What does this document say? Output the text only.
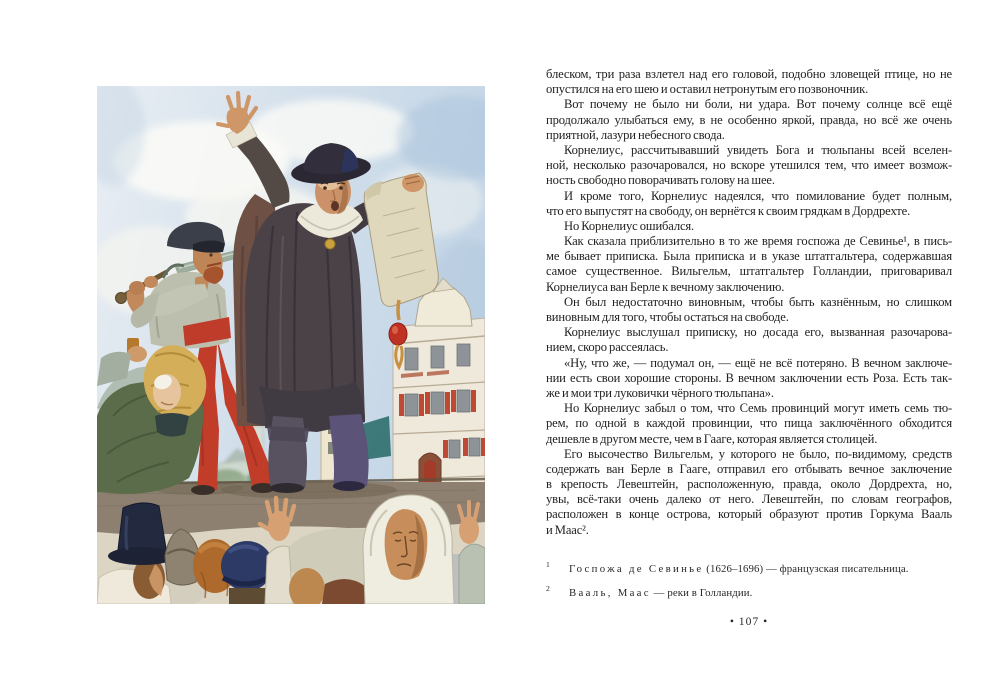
блеском, три раза взлетел над его головой, подобно зловещей птице, но не
опустился на его шею и оставил нетронутым его позвоночник.
Вот почему не было ни боли, ни удара. Вот почему солнце всё ещё
продолжало улыбаться ему, в не особенно яркой, правда, но всё же очень
приятной, лазури небесного свода.
Корнелиус, рассчитывавший увидеть Бога и тюльпаны всей вселен-
ной, несколько разочаровался, но вскоре утешился тем, что имеет возмож-
ность свободно поворачивать голову на шее.
И кроме того, Корнелиус надеялся, что помилование будет полным,
что его выпустят на свободу, он вернётся к своим грядкам в Дордрехте.
Но Корнелиус ошибался.
Как сказала приблизительно в то же время госпожа де Севинье¹, в пись-
ме бывает приписка. Была приписка и в указе штатгальтера, содержавшая
самое существенное. Вильгельм, штатгальтер Голландии, приговаривал
Корнелиуса ван Берле к вечному заключению.
Он был недостаточно виновным, чтобы быть казнённым, но слишком
виновным для того, чтобы остаться на свободе.
Корнелиус выслушал приписку, но досада его, вызванная разочарова-
нием, скоро рассеялась.
«Ну, что же, — подумал он, — ещё не всё потеряно. В вечном заключе-
нии есть свои хорошие стороны. В вечном заключении есть Роза. Есть так-
же и мои три луковички чёрного тюльпана».
Но Корнелиус забыл о том, что Семь провинций могут иметь семь тю-
рем, по одной в каждой провинции, что пища заключённого обходится
дешевле в другом месте, чем в Гааге, которая является столицей.
Его высочество Вильгельм, у которого не было, по-видимому, средств
содержать ван Берле в Гааге, отправил его отбывать вечное заключение
в крепость Левештейн, расположенную, правда, около Дордрехта, но,
увы, всё-таки очень далеко от него. Левештейн, по словам географов,
расположен в конце острова, который образуют против Горкума Вааль
и Маас².
1 Госпожа де Севинье (1626–1696) — французская писательница.
2 Вааль, Маас — реки в Голландии.
• 107 •
